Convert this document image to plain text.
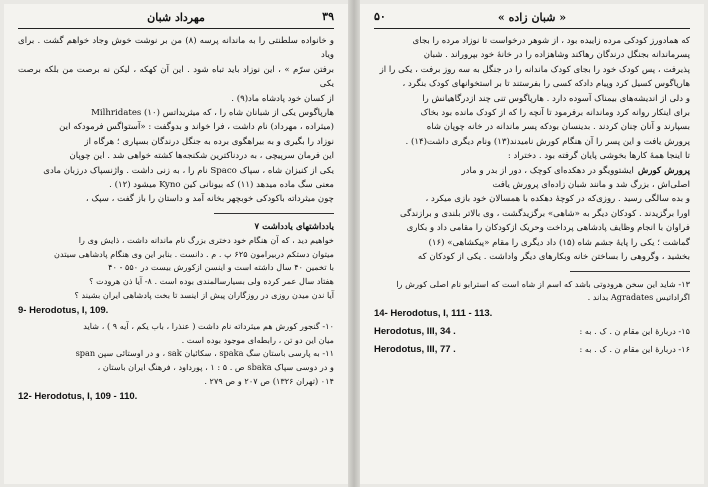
۳۹
مهرداد شبان

و خانواده سلطنتی را به ماندانه پرسه (۸) من بر نوشت خوش وجاد خواهم گشت . برای ویاد

برفتن سرّم » ، این نوزاد باید تباه شود . این آن کهکه ، لیکن نه برصت من بلکه برصت یکی

از کسان خود پادشاه ماد(۹) .

هارپاگوس یکی از شبانان شاه را ، که میثریداتس Milhridates (۱۰)

(میثراده ، مهرداد) نام داشت ، فرا خواند و بدوگفت : «آستواگس فرمودکه این

نوزاد را بگیری و به بیراهگوی برده به جنگل درندگان بسپاری ؛ هرگاه از

این فرمان سرپیچی ، به دردناکترین شکنجه‌ها کشته خواهی شد . این چوپان

یکی از کنیزان شاه ، سپاک Spaco نام را ، به زنی داشت . واژنسپاک درزبان مادی

معنی سگ ماده میدهد (۱۱) که بیونانی کین Kyno میشود (۱۲) .

چون میثرداته باکودکی خوبچهر بخانه آمد و داستان را باز گفت ، سپک ،

یادداشتهای یادداشت ۷

خواهیم دید ، که آن هنگام خود دختری بزرگ نام ماندانه داشت ، ذایش وی را

میتوان دستکم دربیرامون ۶۲۵ پ . م . دانست . بنابر این وی هنگام پادشاهی سیتدن

با تخمین ۴۰ سال داشته است و اینسن ازکورش بیست در ۵۵۰ - ۴۰

هفتاد سال عمر کرده ولی بسیارسالمندی بوده است . ۸- آیا ذن هرودت ؟

آیا ندن میدن روزی در روزگاران پیش از اینسد تا بخت پادشاهی ایران بشیند ؟

9- Herodotus, I, 109.

۱۰- گنجور کورش هم میثرداته نام داشت ( عنذرا ، باب یکم ، آیه ۹ ) ، شاید

میان این دو تن ، رابطه‌ای موجود بوده است .

۱۱- به پارسی باستان سگ spaka ، سکائیان sak ، و در اوستائی سپن span

و در دوسی سپاک sbaka ص . ۵ : ۱ ، پورداود ، فرهنگ ایران باستان ،

۰۱۴ (تهران ۱۳۲۶) ص ۲۰۷ و ص ۲۷۹ .

12- Herodotus, I, 109 - 110.

۵۰	« شبان زاده »

که همادورز کودکی مرده زاییده بود ، از شوهر درخواست تا نوزاد مرده را بجای

پسرماندانه بجنگل درندگان رهاکند وشاهزاده را در خانهٔ خود بپروراند . شبان

پذیرفت ، پس کودک خود را بجای کودک ماندانه را در جنگل به سه روز برفت ، یکی را از

هارپاگوس کسیل کرد وپیام دادکه کسی را بفرستند تا بر استخوانهای کودک بنگرد ،

و دلی از اندیشه‌های بیمناک آسوده دارد . هارپاگوس تنی چند ازدرگاهیانش را

برای اینکار روانه کرد وماندانه برفرمود تا آنچه را که از کودک مانده بود بخاک

بسپارند و آنان چنان کردند . بدینسان بودکه پسر ماندانه در خانه چوپان شاه

پرورش یافت و این پسر را آن هنگام کورش نامیدند(۱۳) ونام دیگری داشت(۱۴) .

تا اینجا همهٔ کارها بخوشی پایان گرفته بود . دختراد :

پرورش کورش
ایشتوویگو در دهکده‌ای کوچک ، دور از بدر و مادر

اصلی‌اش ، بزرگ شد و مانند شبان زاده‌ای پرورش یافت

و بده سالگی رسید . روزی‌که در کوچهٔ دهکده با همسالان خود بازی میکرد ،

اورا برگزیدند . کودکان دیگر به «شاهی» برگزیدگشت ، وی بالاتر بلندی و برازندگی

فراوان با انجام وظایف پادشاهی پرداخت وحریک ازکودکان را مقامی داد و بکاری

گماشت ؛ یکی را پایهٔ جشم شاه (۱۵) داد دیگری را مقام «پیکشاهی» (۱۶)

بخشید ، وگروهی را بساختن خانه وبکارهای دیگر واداشت . یکی از کودکان که

۱۳- شاید این سخن هرودوتی باشد که اسم از شاه است که استرابو نام اصلی کورش را

اگراداتیس Agradates بداند .

14- Herodotus, I, 111 - 113.
۱۵- دربارهٔ این مقام ن . ک . به :
Herodotus, III, 34 .
۱۶- دربارهٔ این مقام ن . ک . به :
Herodotus, III, 77 .
